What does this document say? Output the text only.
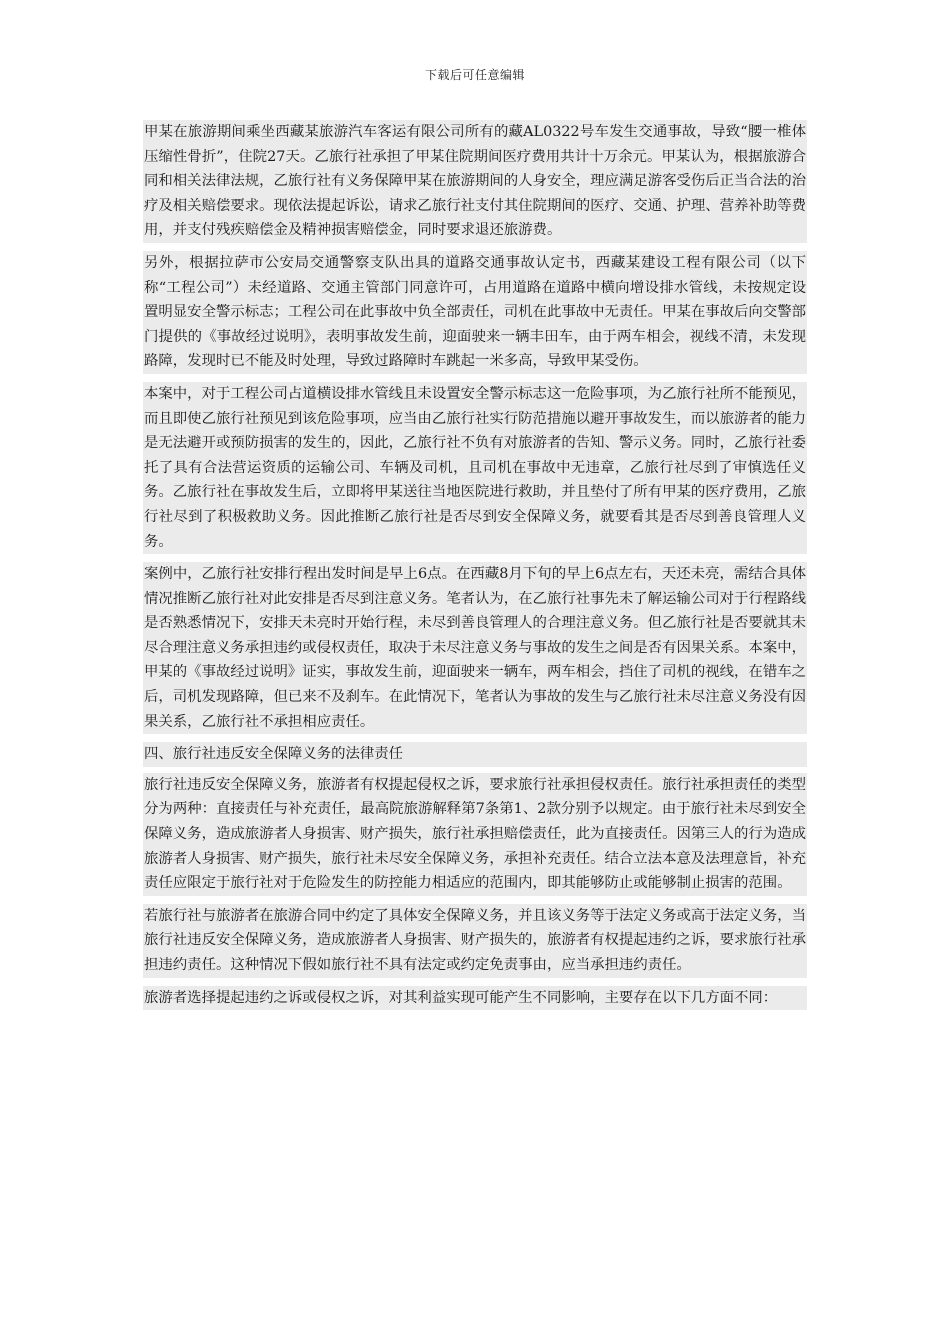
下载后可任意编辑

甲某在旅游期间乘坐西藏某旅游汽车客运有限公司所有的藏AL0322号车发生交通事故，导致“腰一椎体压缩性骨折”，住院27天。乙旅行社承担了甲某住院期间医疗费用共计十万余元。甲某认为，根据旅游合同和相关法律法规，乙旅行社有义务保障甲某在旅游期间的人身安全，理应满足游客受伤后正当合法的治疗及相关赔偿要求。现依法提起诉讼，请求乙旅行社支付其住院期间的医疗、交通、护理、营养补助等费用，并支付残疾赔偿金及精神损害赔偿金，同时要求退还旅游费。

另外，根据拉萨市公安局交通警察支队出具的道路交通事故认定书，西藏某建设工程有限公司（以下称“工程公司”）未经道路、交通主管部门同意许可，占用道路在道路中横向增设排水管线，未按规定设置明显安全警示标志；工程公司在此事故中负全部责任，司机在此事故中无责任。甲某在事故后向交警部门提供的《事故经过说明》，表明事故发生前，迎面驶来一辆丰田车，由于两车相会，视线不清，未发现路障，发现时已不能及时处理，导致过路障时车跳起一米多高，导致甲某受伤。

本案中，对于工程公司占道横设排水管线且未设置安全警示标志这一危险事项，为乙旅行社所不能预见，而且即使乙旅行社预见到该危险事项，应当由乙旅行社实行防范措施以避开事故发生，而以旅游者的能力是无法避开或预防损害的发生的，因此，乙旅行社不负有对旅游者的告知、警示义务。同时，乙旅行社委托了具有合法营运资质的运输公司、车辆及司机，且司机在事故中无违章，乙旅行社尽到了审慎选任义务。乙旅行社在事故发生后，立即将甲某送往当地医院进行救助，并且垫付了所有甲某的医疗费用，乙旅行社尽到了积极救助义务。因此推断乙旅行社是否尽到安全保障义务，就要看其是否尽到善良管理人义务。

案例中，乙旅行社安排行程出发时间是早上6点。在西藏8月下旬的早上6点左右，天还未亮，需结合具体情况推断乙旅行社对此安排是否尽到注意义务。笔者认为，在乙旅行社事先未了解运输公司对于行程路线是否熟悉情况下，安排天未亮时开始行程，未尽到善良管理人的合理注意义务。但乙旅行社是否要就其未尽合理注意义务承担违约或侵权责任，取决于未尽注意义务与事故的发生之间是否有因果关系。本案中，甲某的《事故经过说明》证实，事故发生前，迎面驶来一辆车，两车相会，挡住了司机的视线，在错车之后，司机发现路障，但已来不及刹车。在此情况下，笔者认为事故的发生与乙旅行社未尽注意义务没有因果关系，乙旅行社不承担相应责任。

四、旅行社违反安全保障义务的法律责任

旅行社违反安全保障义务，旅游者有权提起侵权之诉，要求旅行社承担侵权责任。旅行社承担责任的类型分为两种：直接责任与补充责任，最高院旅游解释第7条第1、2款分别予以规定。由于旅行社未尽到安全保障义务，造成旅游者人身损害、财产损失，旅行社承担赔偿责任，此为直接责任。因第三人的行为造成旅游者人身损害、财产损失，旅行社未尽安全保障义务，承担补充责任。结合立法本意及法理意旨，补充责任应限定于旅行社对于危险发生的防控能力相适应的范围内，即其能够防止或能够制止损害的范围。

若旅行社与旅游者在旅游合同中约定了具体安全保障义务，并且该义务等于法定义务或高于法定义务，当旅行社违反安全保障义务，造成旅游者人身损害、财产损失的，旅游者有权提起违约之诉，要求旅行社承担违约责任。这种情况下假如旅行社不具有法定或约定免责事由，应当承担违约责任。

旅游者选择提起违约之诉或侵权之诉，对其利益实现可能产生不同影响，主要存在以下几方面不同：
